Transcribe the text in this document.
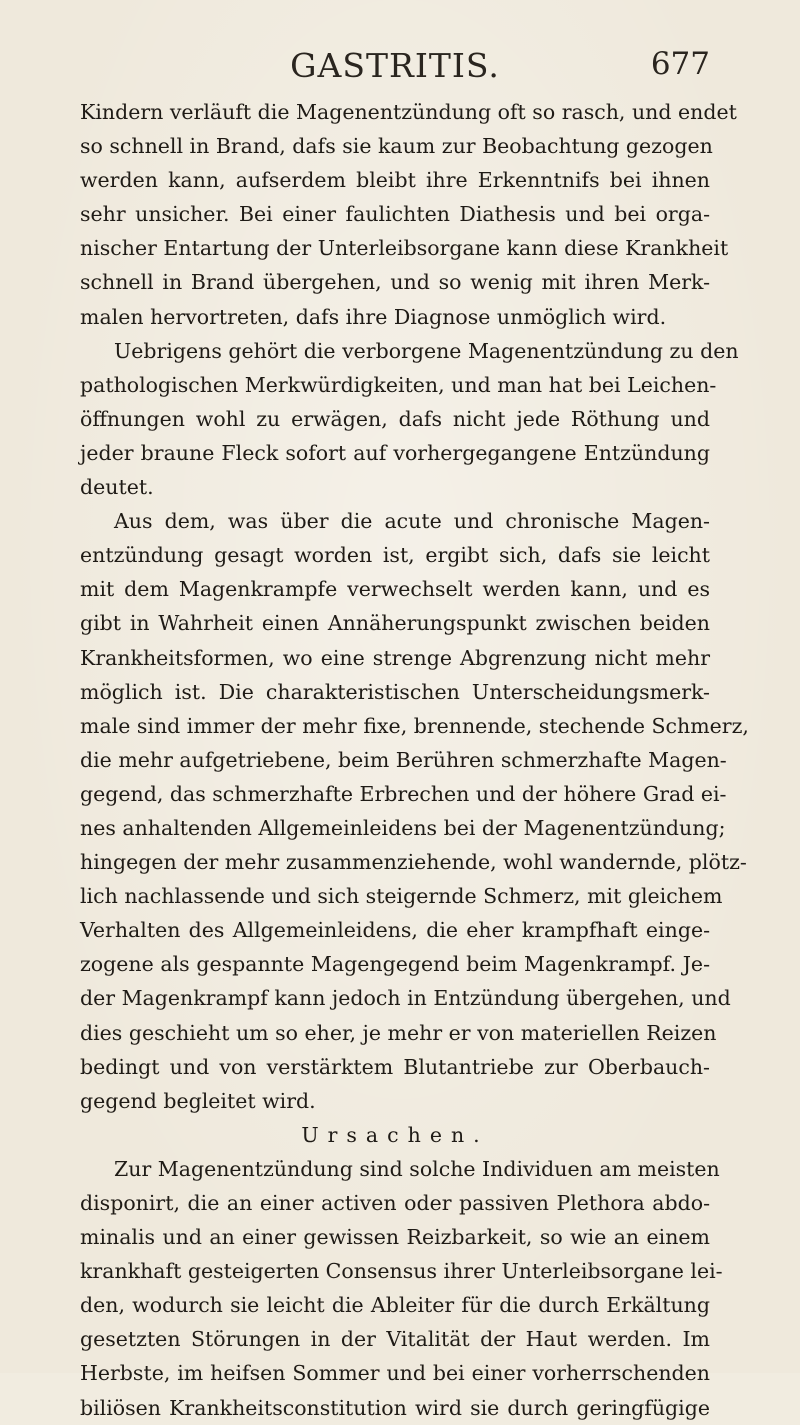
GASTRITIS.	677
Kindern verläuft die Magenentzündung oft so rasch, und endet
so schnell in Brand, dafs sie kaum zur Beobachtung gezogen
werden kann, aufserdem bleibt ihre Erkenntnifs bei ihnen
sehr unsicher. Bei einer faulichten Diathesis und bei orga-
nischer Entartung der Unterleibsorgane kann diese Krankheit
schnell in Brand übergehen, und so wenig mit ihren Merk-
malen hervortreten, dafs ihre Diagnose unmöglich wird.
Uebrigens gehört die verborgene Magenentzündung zu den
pathologischen Merkwürdigkeiten, und man hat bei Leichen-
öffnungen wohl zu erwägen, dafs nicht jede Röthung und
jeder braune Fleck sofort auf vorhergegangene Entzündung
deutet.
Aus dem, was über die acute und chronische Magen-
entzündung gesagt worden ist, ergibt sich, dafs sie leicht
mit dem Magenkrampfe verwechselt werden kann, und es
gibt in Wahrheit einen Annäherungspunkt zwischen beiden
Krankheitsformen, wo eine strenge Abgrenzung nicht mehr
möglich ist. Die charakteristischen Unterscheidungsmerk-
male sind immer der mehr fixe, brennende, stechende Schmerz,
die mehr aufgetriebene, beim Berühren schmerzhafte Magen-
gegend, das schmerzhafte Erbrechen und der höhere Grad ei-
nes anhaltenden Allgemeinleidens bei der Magenentzündung;
hingegen der mehr zusammenziehende, wohl wandernde, plötz-
lich nachlassende und sich steigernde Schmerz, mit gleichem
Verhalten des Allgemeinleidens, die eher krampfhaft einge-
zogene als gespannte Magengegend beim Magenkrampf. Je-
der Magenkrampf kann jedoch in Entzündung übergehen, und
dies geschieht um so eher, je mehr er von materiellen Reizen
bedingt und von verstärktem Blutantriebe zur Oberbauch-
gegend begleitet wird.
Ursachen.
Zur Magenentzündung sind solche Individuen am meisten
disponirt, die an einer activen oder passiven Plethora abdo-
minalis und an einer gewissen Reizbarkeit, so wie an einem
krankhaft gesteigerten Consensus ihrer Unterleibsorgane lei-
den, wodurch sie leicht die Ableiter für die durch Erkältung
gesetzten Störungen in der Vitalität der Haut werden. Im
Herbste, im heifsen Sommer und bei einer vorherrschenden
biliösen Krankheitsconstitution wird sie durch geringfügige
